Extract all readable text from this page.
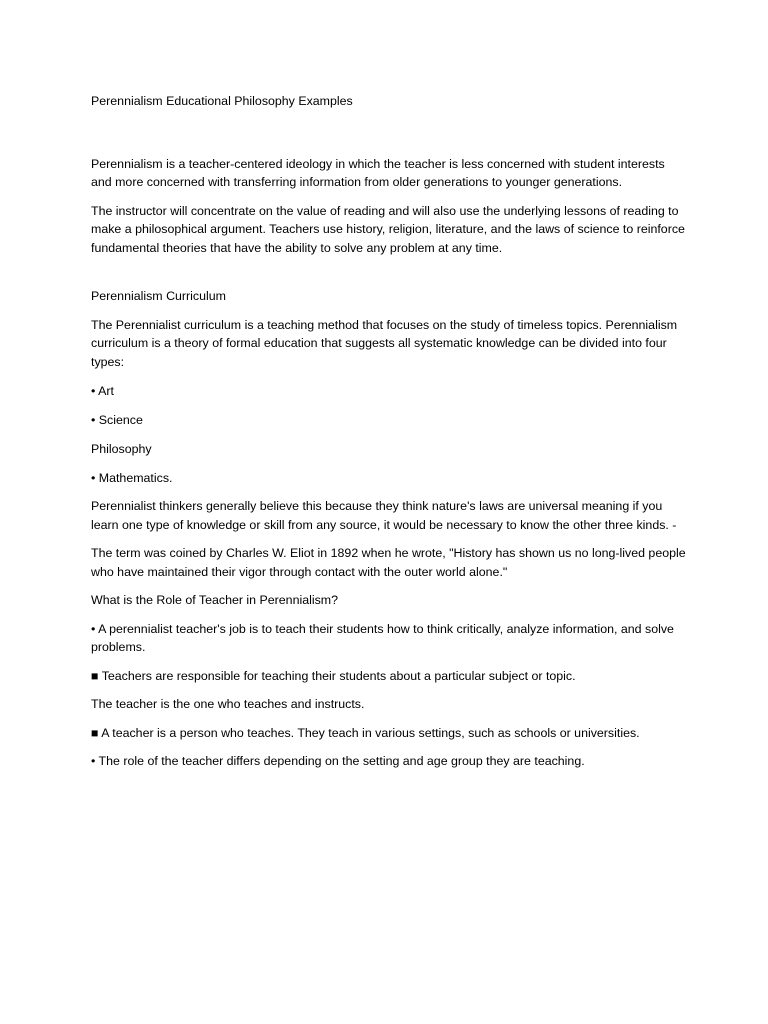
Perennialism Educational Philosophy Examples

Perennialism is a teacher-centered ideology in which the teacher is less concerned with student interests and more concerned with transferring information from older generations to younger generations.

The instructor will concentrate on the value of reading and will also use the underlying lessons of reading to make a philosophical argument. Teachers use history, religion, literature, and the laws of science to reinforce fundamental theories that have the ability to solve any problem at any time.

Perennialism Curriculum

The Perennialist curriculum is a teaching method that focuses on the study of timeless topics. Perennialism curriculum is a theory of formal education that suggests all systematic knowledge can be divided into four types:

• Art

• Science

Philosophy

• Mathematics.

Perennialist thinkers generally believe this because they think nature's laws are universal meaning if you learn one type of knowledge or skill from any source, it would be necessary to know the other three kinds. -

The term was coined by Charles W. Eliot in 1892 when he wrote, "History has shown us no long-lived people who have maintained their vigor through contact with the outer world alone."

What is the Role of Teacher in Perennialism?

• A perennialist teacher's job is to teach their students how to think critically, analyze information, and solve problems.

■ Teachers are responsible for teaching their students about a particular subject or topic.

The teacher is the one who teaches and instructs.

■ A teacher is a person who teaches. They teach in various settings, such as schools or universities.

• The role of the teacher differs depending on the setting and age group they are teaching.
